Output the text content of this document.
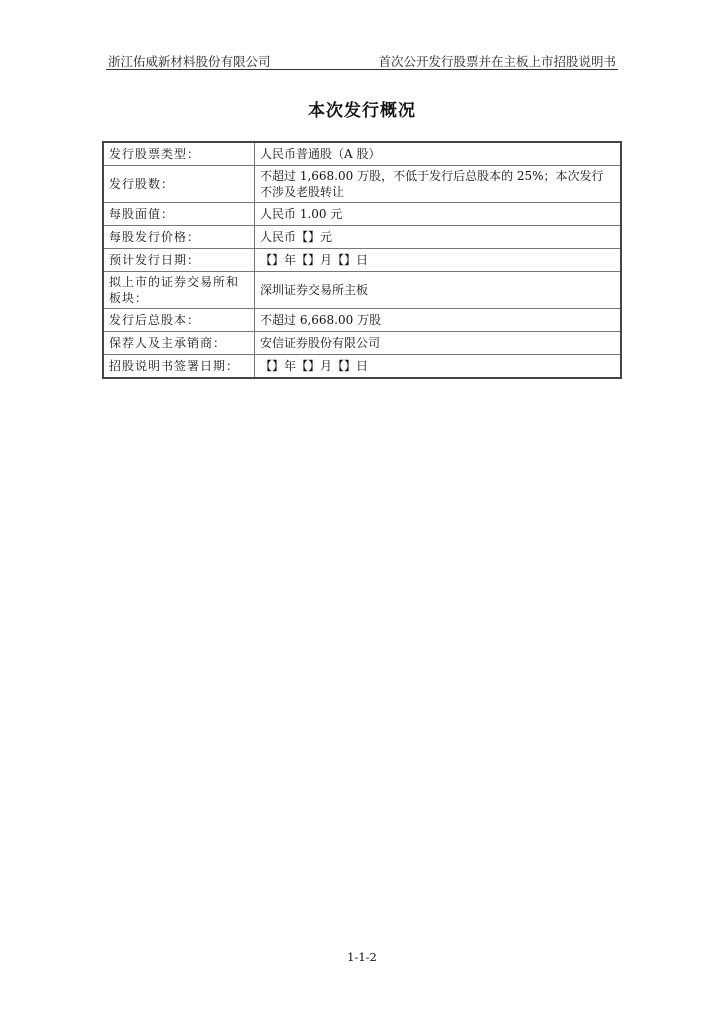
浙江佑威新材料股份有限公司	首次公开发行股票并在主板上市招股说明书
本次发行概况
发行股票类型：	人民币普通股（A 股）
发行股数：	不超过 1,668.00 万股，不低于发行后总股本的 25%；本次发行不涉及老股转让
每股面值：	人民币 1.00 元
每股发行价格：	人民币【】元
预计发行日期：	【】年【】月【】日
拟上市的证券交易所和板块：	深圳证券交易所主板
发行后总股本：	不超过 6,668.00 万股
保荐人及主承销商：	安信证券股份有限公司
招股说明书签署日期：	【】年【】月【】日
1-1-2
